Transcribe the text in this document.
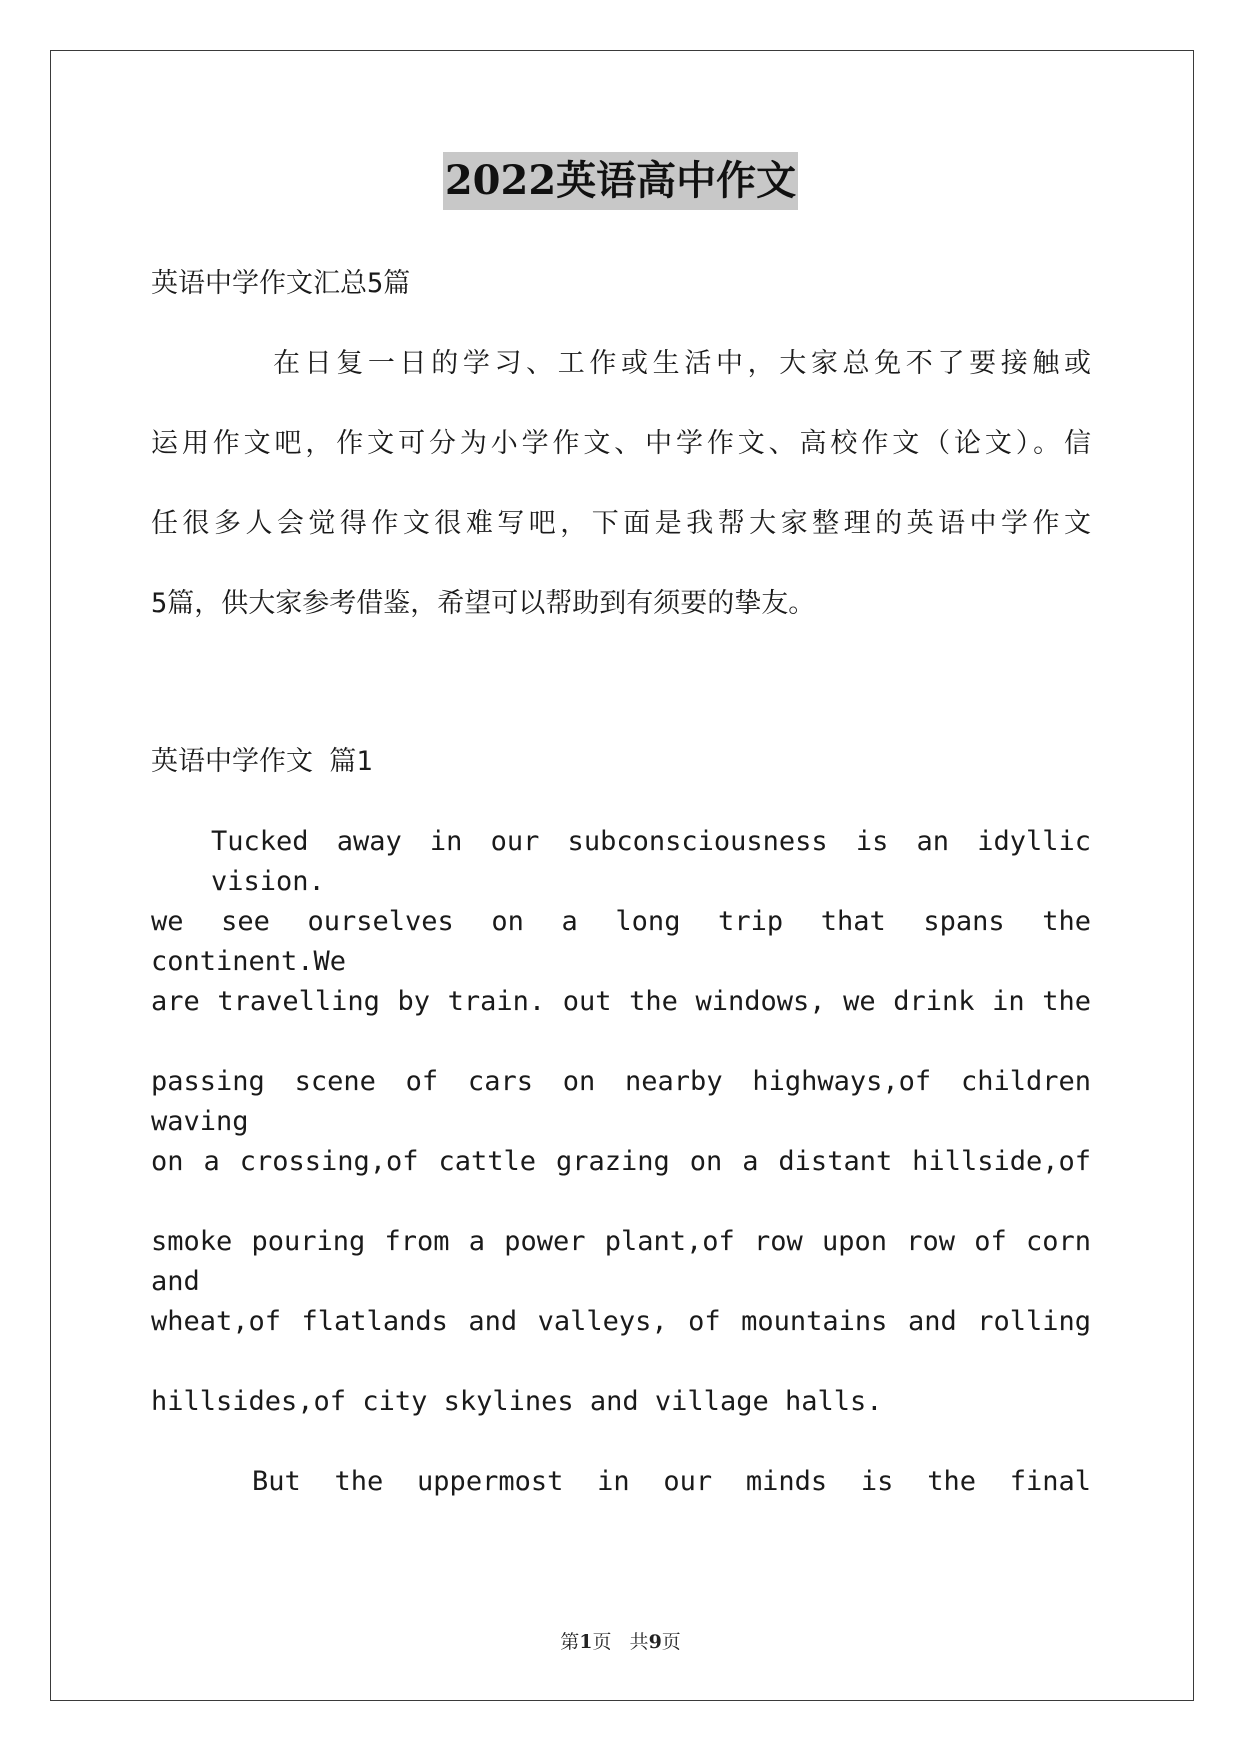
2022英语高中作文
英语中学作文汇总5篇
在日复一日的学习、工作或生活中，大家总免不了要接触或
运用作文吧，作文可分为小学作文、中学作文、高校作文（论文）。信
任很多人会觉得作文很难写吧，下面是我帮大家整理的英语中学作文
5篇，供大家参考借鉴，希望可以帮助到有须要的挚友。
英语中学作文 篇1
Tucked away in our subconsciousness is an idyllic vision.
we see ourselves on a long trip that spans the continent.We
are travelling by train. out the windows, we drink in the
passing scene of cars on nearby highways,of children waving
on a crossing,of cattle grazing on a distant hillside,of
smoke pouring from a power plant,of row upon row of corn and
wheat,of flatlands and valleys, of mountains and rolling
hillsides,of city skylines and village halls.
But the uppermost in our minds is the final
第1页   共9页
